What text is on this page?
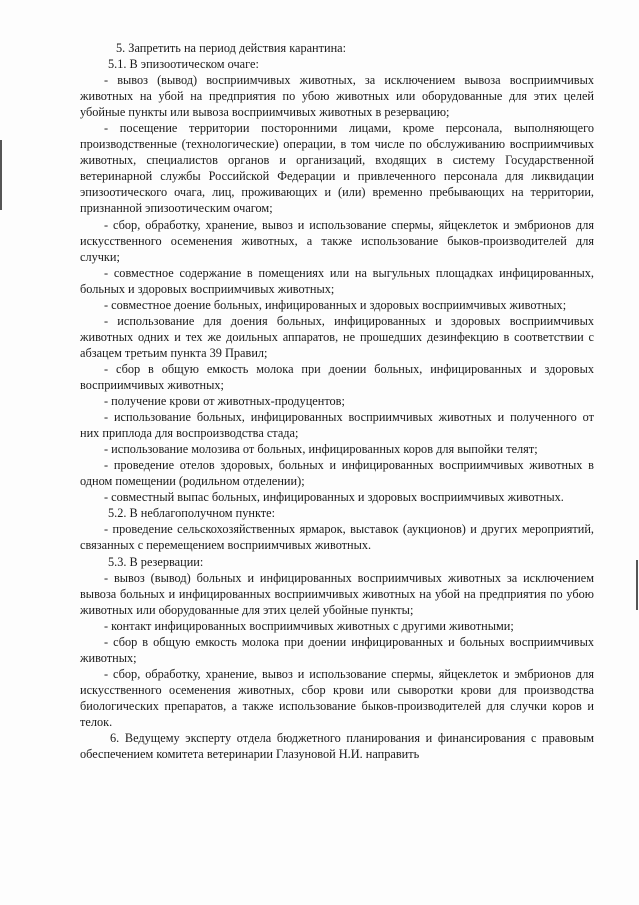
5. Запретить на период действия карантина:

5.1. В эпизоотическом очаге:

- вывоз (вывод) восприимчивых животных, за исключением вывоза восприимчивых животных на убой на предприятия по убою животных или оборудованные для этих целей убойные пункты или вывоза восприимчивых животных в резервацию;

- посещение территории посторонними лицами, кроме персонала, выполняющего производственные (технологические) операции, в том числе по обслуживанию восприимчивых животных, специалистов органов и организаций, входящих в систему Государственной ветеринарной службы Российской Федерации и привлеченного персонала для ликвидации эпизоотического очага, лиц, проживающих и (или) временно пребывающих на территории, признанной эпизоотическим очагом;

- сбор, обработку, хранение, вывоз и использование спермы, яйцеклеток и эмбрионов для искусственного осеменения животных, а также использование быков-производителей для случки;

- совместное содержание в помещениях или на выгульных площадках инфицированных, больных и здоровых восприимчивых животных;

- совместное доение больных, инфицированных и здоровых восприимчивых животных;

- использование для доения больных, инфицированных и здоровых восприимчивых животных одних и тех же доильных аппаратов, не прошедших дезинфекцию в соответствии с абзацем третьим пункта 39 Правил;

- сбор в общую емкость молока при доении больных, инфицированных и здоровых восприимчивых животных;

- получение крови от животных-продуцентов;

- использование больных, инфицированных восприимчивых животных и полученного от них приплода для воспроизводства стада;

- использование молозива от больных, инфицированных коров для выпойки телят;

- проведение отелов здоровых, больных и инфицированных восприимчивых животных в одном помещении (родильном отделении);

- совместный выпас больных, инфицированных и здоровых восприимчивых животных.

5.2. В неблагополучном пункте:

- проведение сельскохозяйственных ярмарок, выставок (аукционов) и других мероприятий, связанных с перемещением восприимчивых животных.

5.3. В резервации:

- вывоз (вывод) больных и инфицированных восприимчивых животных за исключением вывоза больных и инфицированных восприимчивых животных на убой на предприятия по убою животных или оборудованные для этих целей убойные пункты;

- контакт инфицированных восприимчивых животных с другими животными;

- сбор в общую емкость молока при доении инфицированных и больных восприимчивых животных;

- сбор, обработку, хранение, вывоз и использование спермы, яйцеклеток и эмбрионов для искусственного осеменения животных, сбор крови или сыворотки крови для производства биологических препаратов, а также использование быков-производителей для случки коров и телок.

6. Ведущему эксперту отдела бюджетного планирования и финансирования с правовым обеспечением комитета ветеринарии Глазуновой Н.И. направить
